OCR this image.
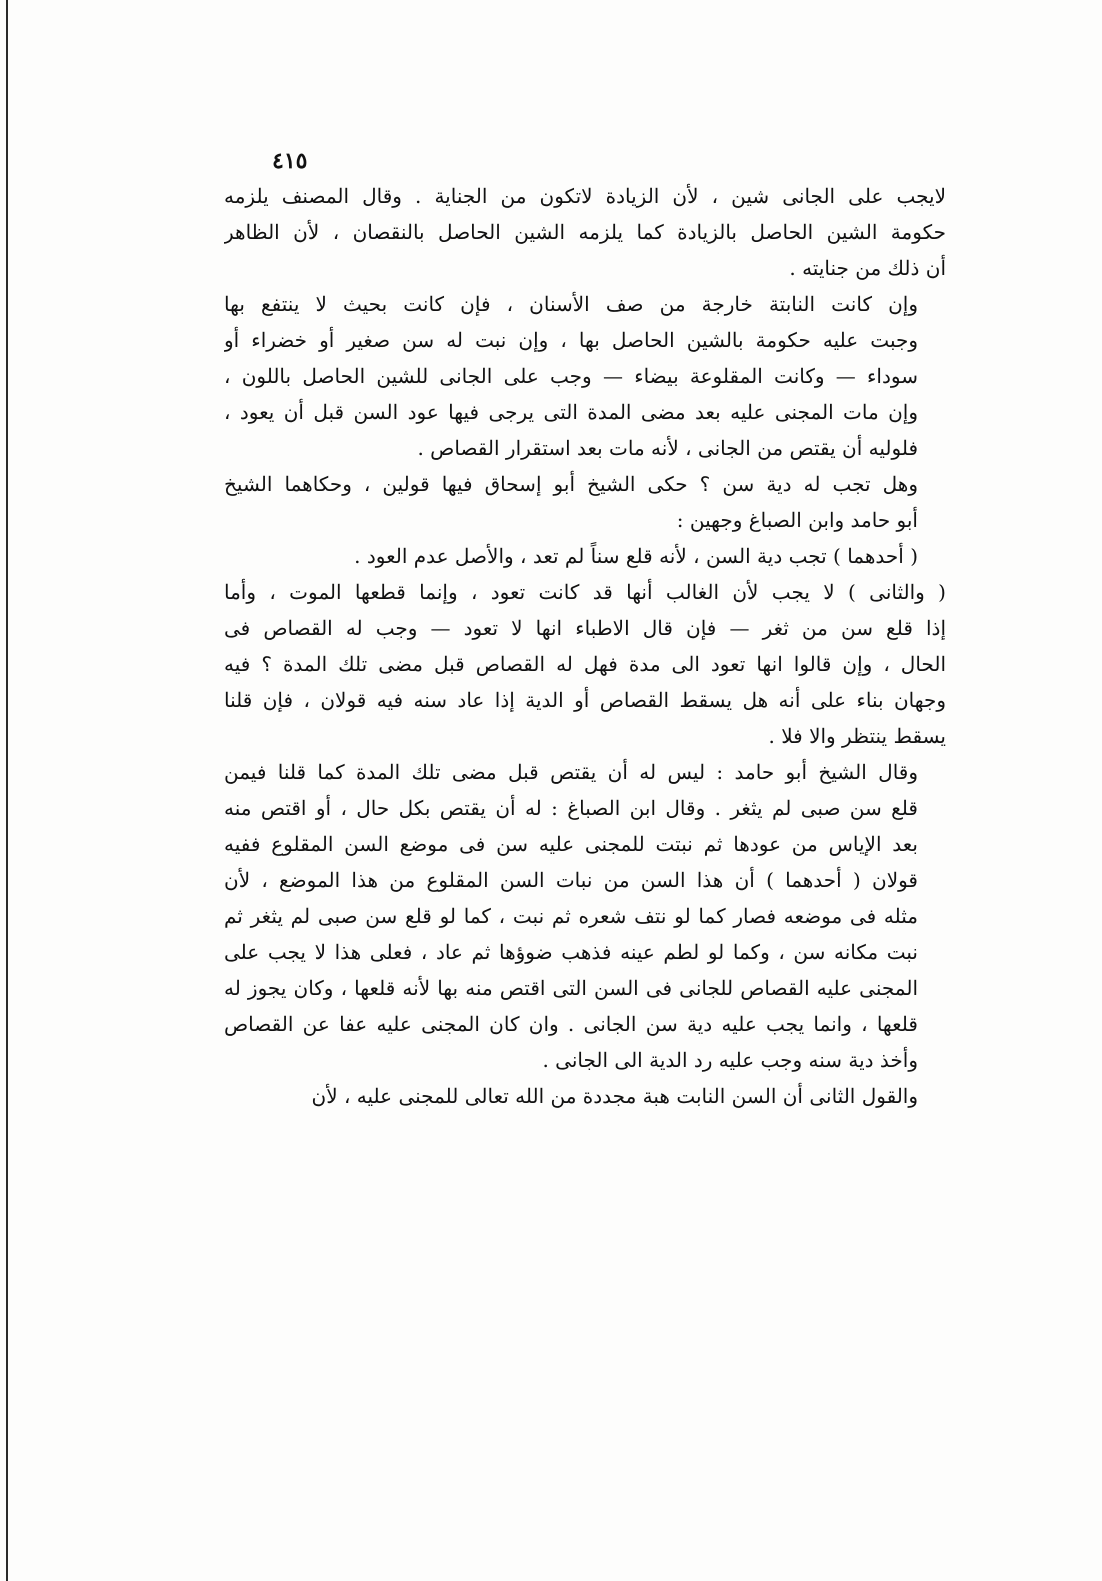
٤١٥
لايجب على الجانى شين ، لأن الزيادة لاتكون من الجناية . وقال المصنف يلزمه
حكومة الشين الحاصل بالزيادة كما يلزمه الشين الحاصل بالنقصان ، لأن الظاهر
أن ذلك من جنايته .
وإن كانت النابتة خارجة من صف الأسنان ، فإن كانت بحيث لا ينتفع بها
وجبت عليه حكومة بالشين الحاصل بها ، وإن نبت له سن صغير أو خضراء أو
سوداء — وكانت المقلوعة بيضاء — وجب على الجانى للشين الحاصل باللون ،
وإن مات المجنى عليه بعد مضى المدة التى يرجى فيها عود السن قبل أن يعود ،
فلوليه أن يقتص من الجانى ، لأنه مات بعد استقرار القصاص .
وهل تجب له دية سن ؟ حكى الشيخ أبو إسحاق فيها قولين ، وحكاهما الشيخ
أبو حامد وابن الصباغ وجهين :
( أحدهما ) تجب دية السن ، لأنه قلع سناً لم تعد ، والأصل عدم العود .
( والثانى ) لا يجب لأن الغالب أنها قد كانت تعود ، وإنما قطعها الموت ، وأما
إذا قلع سن من ثغر — فإن قال الاطباء انها لا تعود — وجب له القصاص فى
الحال ، وإن قالوا انها تعود الى مدة فهل له القصاص قبل مضى تلك المدة ؟ فيه
وجهان بناء على أنه هل يسقط القصاص أو الدية إذا عاد سنه فيه قولان ، فإن قلنا
يسقط ينتظر والا فلا .
وقال الشيخ أبو حامد : ليس له أن يقتص قبل مضى تلك المدة كما قلنا فيمن
قلع سن صبى لم يثغر . وقال ابن الصباغ : له أن يقتص بكل حال ، أو اقتص منه
بعد الإياس من عودها ثم نبتت للمجنى عليه سن فى موضع السن المقلوع ففيه
قولان ( أحدهما ) أن هذا السن من نبات السن المقلوع من هذا الموضع ، لأن
مثله فى موضعه فصار كما لو نتف شعره ثم نبت ، كما لو قلع سن صبى لم يثغر ثم
نبت مكانه سن ، وكما لو لطم عينه فذهب ضوؤها ثم عاد ، فعلى هذا لا يجب على
المجنى عليه القصاص للجانى فى السن التى اقتص منه بها لأنه قلعها ، وكان يجوز له
قلعها ، وانما يجب عليه دية سن الجانى . وان كان المجنى عليه عفا عن القصاص
وأخذ دية سنه وجب عليه رد الدية الى الجانى .
والقول الثانى أن السن النابت هبة مجددة من الله تعالى للمجنى عليه ، لأن
